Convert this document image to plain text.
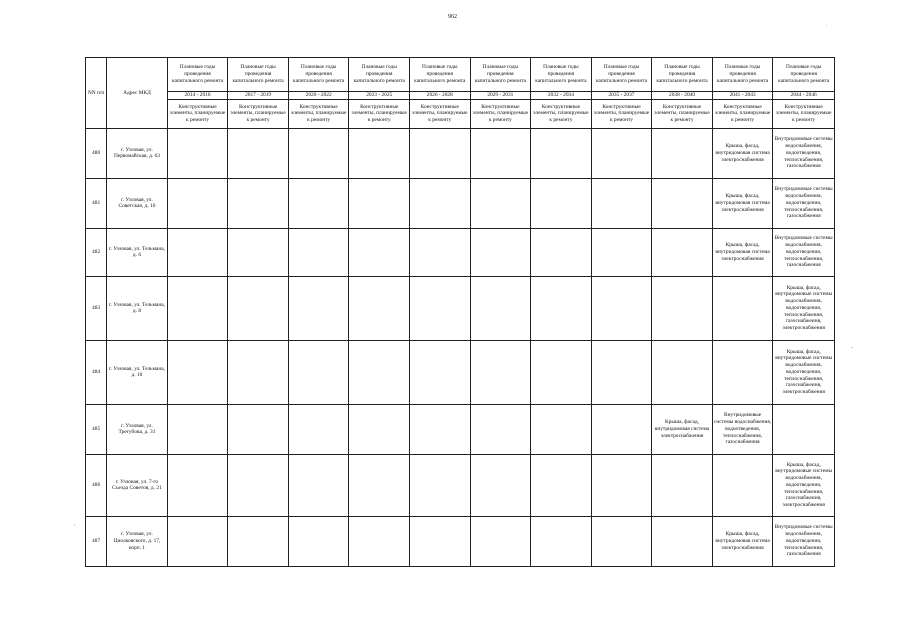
962
·
-
'
NN п/п	Адрес МКД	Плановые годы проведения капитального ремонта	Плановые годы проведения капитального ремонта	Плановые годы проведения капитального ремонта	Плановые годы проведения капитального ремонта	Плановые годы проведения капитального ремонта	Плановые годы проведения капитального ремонта	Плановые годы проведения капитального ремонта	Плановые годы проведения капитального ремонта	Плановые годы проведения капитального ремонта	Плановые годы проведения капитального ремонта	Плановые годы проведения капитального ремонта
		2014 - 2016	2017 - 2019	2020 - 2022	2023 - 2025	2026 - 2028	2029 - 2031	2032 - 2034	2035 - 2037	2038 - 2040	2041 - 2043	2044 - 2046
		Конструктивные элементы, планируемые к ремонту	Конструктивные элементы, планируемые к ремонту	Конструктивные элементы, планируемые к ремонту	Конструктивные элементы, планируемые к ремонту	Конструктивные элементы, планируемые к ремонту	Конструктивные элементы, планируемые к ремонту	Конструктивные элементы, планируемые к ремонту	Конструктивные элементы, планируемые к ремонту	Конструктивные элементы, планируемые к ремонту	Конструктивные элементы, планируемые к ремонту	Конструктивные элементы, планируемые к ремонту
480	г. Узловая, ул. Первомайская, д. 63										Крыша, фасад, внутридомовая система электроснабжения	Внутридомовые системы водоснабжения, водоотведения, теплоснабжения, газоснабжения
481	г. Узловая, ул. Советская, д. 10										Крыша, фасад, внутридомовая система электроснабжения	Внутридомовые системы водоснабжения, водоотведения, теплоснабжения, газоснабжения
482	г. Узловая, ул. Тельмана, д. 6										Крыша, фасад, внутридомовая система электроснабжения	Внутридомовые системы водоснабжения, водоотведения, теплоснабжения, газоснабжения
483	г. Узловая, ул. Тельмана, д. 8											Крыша, фасад, внутридомовые системы водоснабжения, водоотведения, теплоснабжения, газоснабжения, электроснабжения
484	г. Узловая, ул. Тельмана, д. 10											Крыша, фасад, внутридомовые системы водоснабжения, водоотведения, теплоснабжения, газоснабжения, электроснабжения
485	г. Узловая, ул. Трегубова, д. 31									Крыша, фасад, внутридомовая система электроснабжения	Внутридомовые системы водоснабжения, водоотведения, теплоснабжения, газоснабжения	
486	г. Узловая, ул. 7-го Съезда Советов, д. 21											Крыша, фасад, внутридомовые системы водоснабжения, водоотведения, теплоснабжения, газоснабжения, электроснабжения
487	г. Узловая, ул. Циолковского, д. 17, корп. 1										Крыша, фасад, внутридомовая система электроснабжения	Внутридомовые системы водоснабжения, водоотведения, теплоснабжения, газоснабжения
